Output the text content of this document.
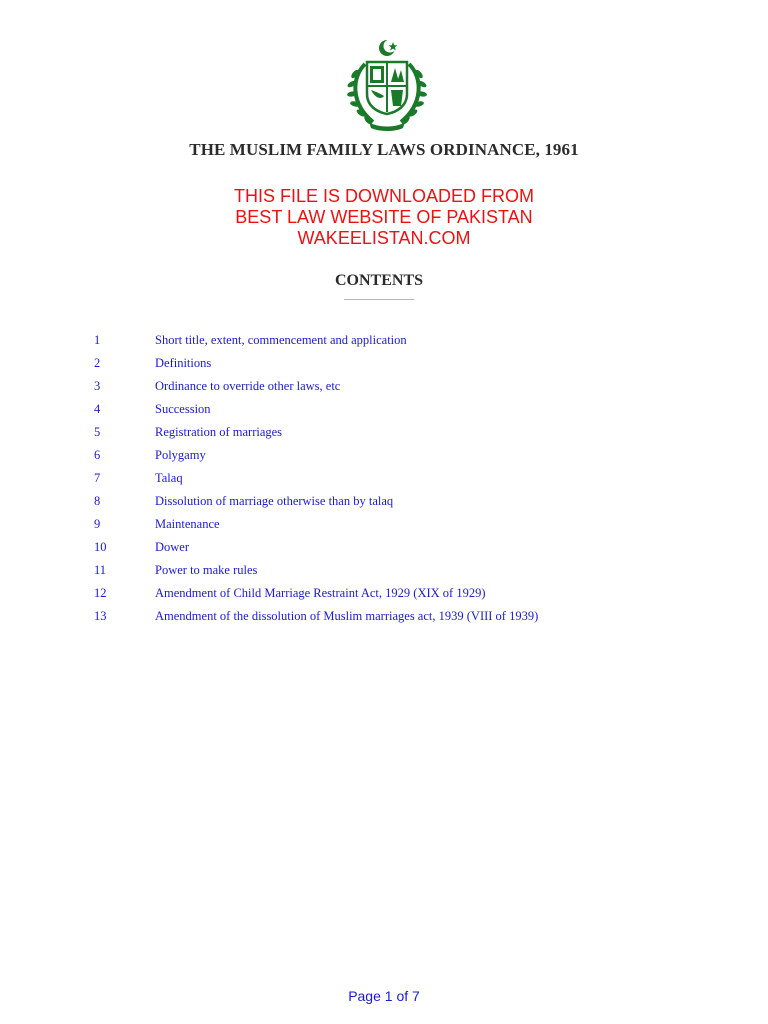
THE MUSLIM FAMILY LAWS ORDINANCE, 1961
THIS FILE IS DOWNLOADED FROM
BEST LAW WEBSITE OF PAKISTAN
WAKEELISTAN.COM
CONTENTS
1	Short title, extent, commencement and application
2	Definitions
3	Ordinance to override other laws, etc
4	Succession
5	Registration of marriages
6	Polygamy
7	Talaq
8	Dissolution of marriage otherwise than by talaq
9	Maintenance
10	Dower
11	Power to make rules
12	Amendment of Child Marriage Restraint Act, 1929 (XIX of 1929)
13	Amendment of the dissolution of Muslim marriages act, 1939 (VIII of 1939)
Page 1 of 7
